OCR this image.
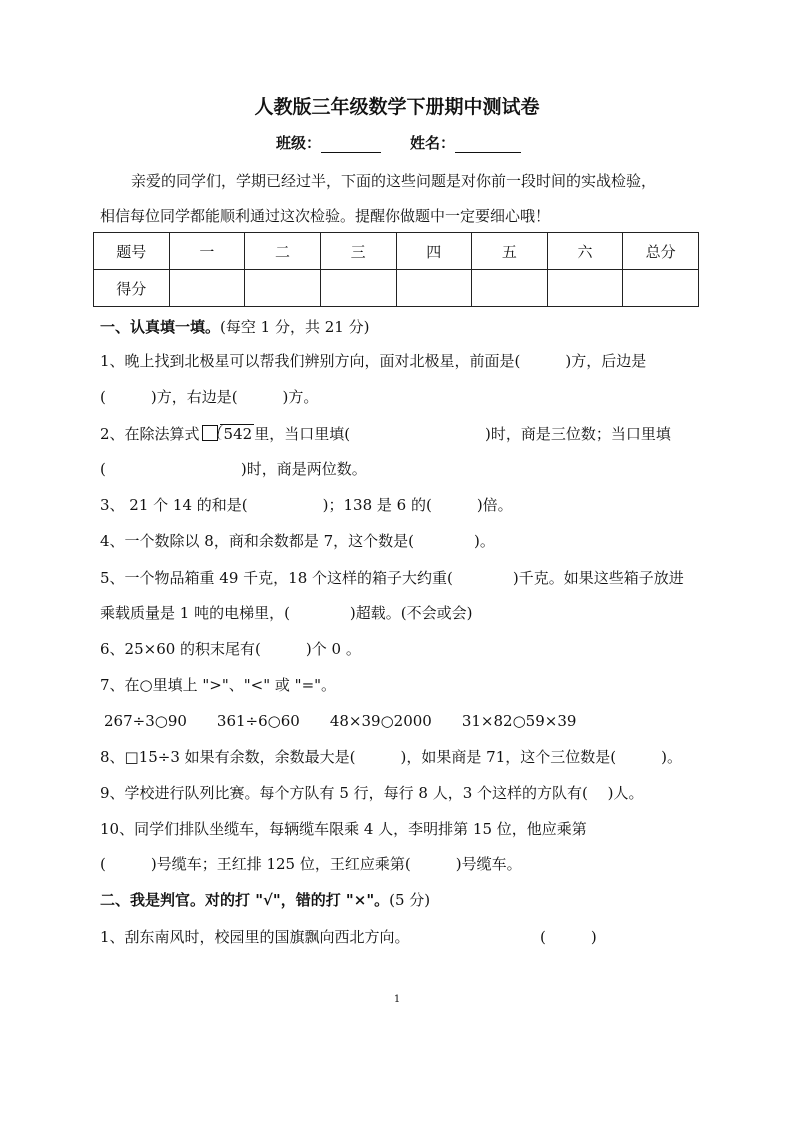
人教版三年级数学下册期中测试卷
班级：	姓名：
亲爱的同学们，学期已经过半，下面的这些问题是对你前一段时间的实战检验，
相信每位同学都能顺利通过这次检验。提醒你做题中一定要细心哦！
题号	一	二	三	四	五	六	总分
得分							
一、认真填一填。(每空 1 分，共 21 分)
1、晚上找到北极星可以帮我们辨别方向，面对北极星，前面是(　　　)方，后边是
(　　　)方，右边是(　　　)方。
2、在除法算式 542 里，当口里填(　　　　　　　　　)时，商是三位数；当口里填
(　　　　　　　　　)时，商是两位数。
3、 21 个 14 的和是(　　　　　)；138 是 6 的(　　　)倍。
4、一个数除以 8，商和余数都是 7，这个数是(　　　　)。
5、一个物品箱重 49 千克，18 个这样的箱子大约重(　　　　)千克。如果这些箱子放进
乘载质量是 1 吨的电梯里，(　　　　)超载。(不会或会)
6、25×60 的积末尾有(　　　)个 0 。
7、在○里填上 ">"、"<" 或 "="。
267÷3○90　　361÷6○60　　48×39○2000　　31×82○59×39
8、□15÷3 如果有余数，余数最大是(　　　)，如果商是 71，这个三位数是(　　　)。
9、学校进行队列比赛。每个方队有 5 行，每行 8 人，3 个这样的方队有(　 )人。
10、同学们排队坐缆车，每辆缆车限乘 4 人，李明排第 15 位，他应乘第
(　　　)号缆车；王红排 125 位，王红应乘第(　　　)号缆车。
二、我是判官。对的打 "√"，错的打 "×"。(5 分)
1、刮东南风时，校园里的国旗飘向西北方向。	(　　　)
1
